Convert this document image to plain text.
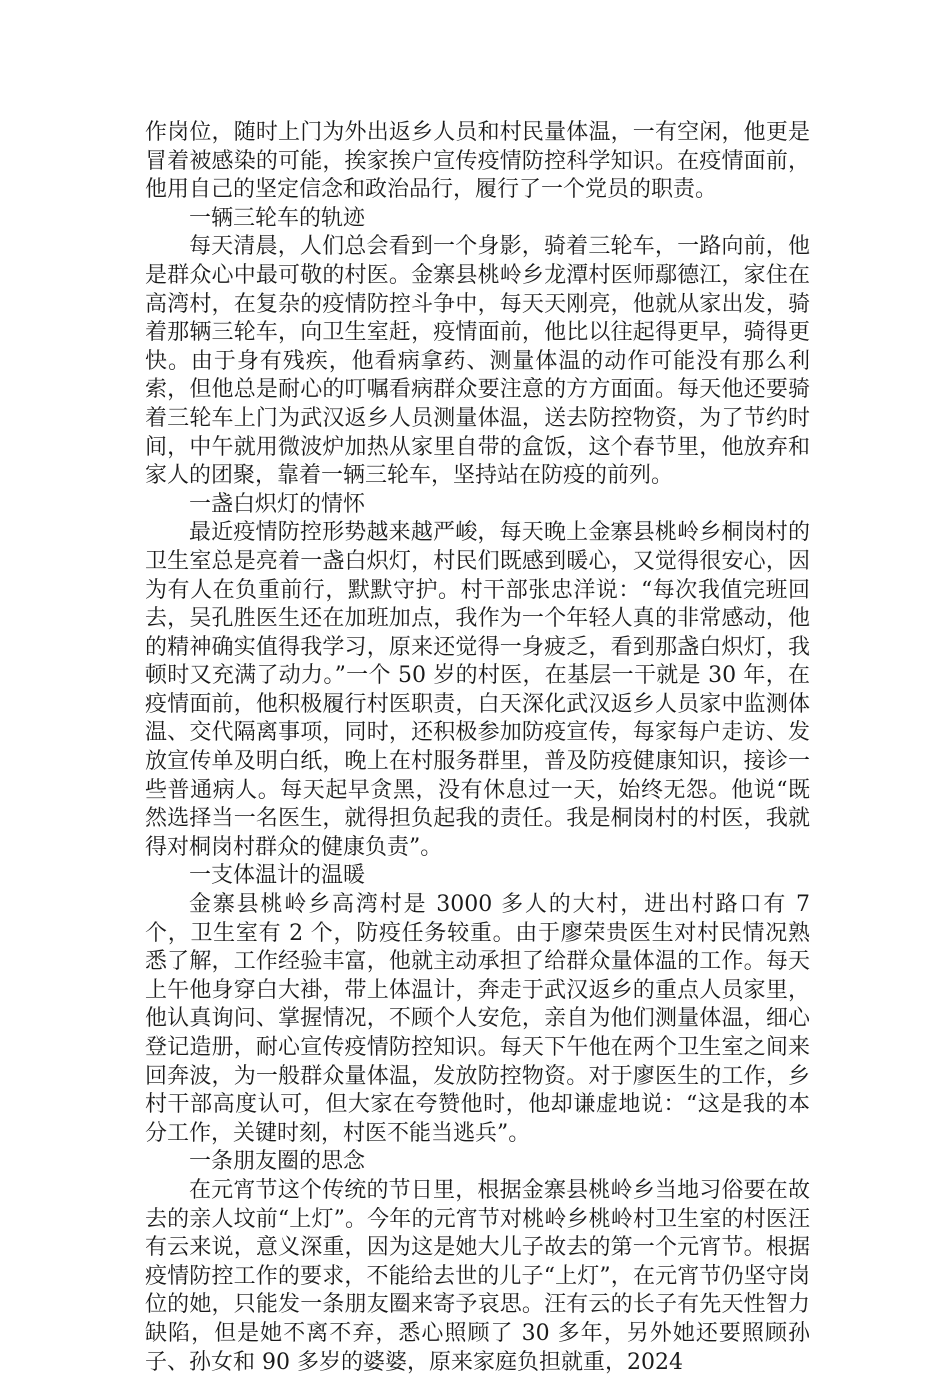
作岗位，随时上门为外出返乡人员和村民量体温，一有空闲，他更是冒着被感染的可能，挨家挨户宣传疫情防控科学知识。在疫情面前，他用自己的坚定信念和政治品行，履行了一个党员的职责。

一辆三轮车的轨迹

每天清晨，人们总会看到一个身影，骑着三轮车，一路向前，他是群众心中最可敬的村医。金寨县桃岭乡龙潭村医师鄢德江，家住在高湾村，在复杂的疫情防控斗争中，每天天刚亮，他就从家出发，骑着那辆三轮车，向卫生室赶，疫情面前，他比以往起得更早，骑得更快。由于身有残疾，他看病拿药、测量体温的动作可能没有那么利索，但他总是耐心的叮嘱看病群众要注意的方方面面。每天他还要骑着三轮车上门为武汉返乡人员测量体温，送去防控物资，为了节约时间，中午就用微波炉加热从家里自带的盒饭，这个春节里，他放弃和家人的团聚，靠着一辆三轮车，坚持站在防疫的前列。

一盏白炽灯的情怀

最近疫情防控形势越来越严峻，每天晚上金寨县桃岭乡桐岗村的卫生室总是亮着一盏白炽灯，村民们既感到暖心，又觉得很安心，因为有人在负重前行，默默守护。村干部张忠洋说：“每次我值完班回去，吴孔胜医生还在加班加点，我作为一个年轻人真的非常感动，他的精神确实值得我学习，原来还觉得一身疲乏，看到那盏白炽灯，我顿时又充满了动力。”一个 50 岁的村医，在基层一干就是 30 年，在疫情面前，他积极履行村医职责，白天深化武汉返乡人员家中监测体温、交代隔离事项，同时，还积极参加防疫宣传，每家每户走访、发放宣传单及明白纸，晚上在村服务群里，普及防疫健康知识，接诊一些普通病人。每天起早贪黑，没有休息过一天，始终无怨。他说“既然选择当一名医生，就得担负起我的责任。我是桐岗村的村医，我就得对桐岗村群众的健康负责”。

一支体温计的温暖

金寨县桃岭乡高湾村是 3000 多人的大村，进出村路口有 7 个，卫生室有 2 个，防疫任务较重。由于廖荣贵医生对村民情况熟悉了解，工作经验丰富，他就主动承担了给群众量体温的工作。每天上午他身穿白大褂，带上体温计，奔走于武汉返乡的重点人员家里，他认真询问、掌握情况，不顾个人安危，亲自为他们测量体温，细心登记造册，耐心宣传疫情防控知识。每天下午他在两个卫生室之间来回奔波，为一般群众量体温，发放防控物资。对于廖医生的工作，乡村干部高度认可，但大家在夸赞他时，他却谦虚地说：“这是我的本分工作，关键时刻，村医不能当逃兵”。

一条朋友圈的思念

在元宵节这个传统的节日里，根据金寨县桃岭乡当地习俗要在故去的亲人坟前“上灯”。今年的元宵节对桃岭乡桃岭村卫生室的村医汪有云来说，意义深重，因为这是她大儿子故去的第一个元宵节。根据疫情防控工作的要求，不能给去世的儿子“上灯”，在元宵节仍坚守岗位的她，只能发一条朋友圈来寄予哀思。汪有云的长子有先天性智力缺陷，但是她不离不弃，悉心照顾了 30 多年，另外她还要照顾孙子、孙女和 90 多岁的婆婆，原来家庭负担就重，2024
